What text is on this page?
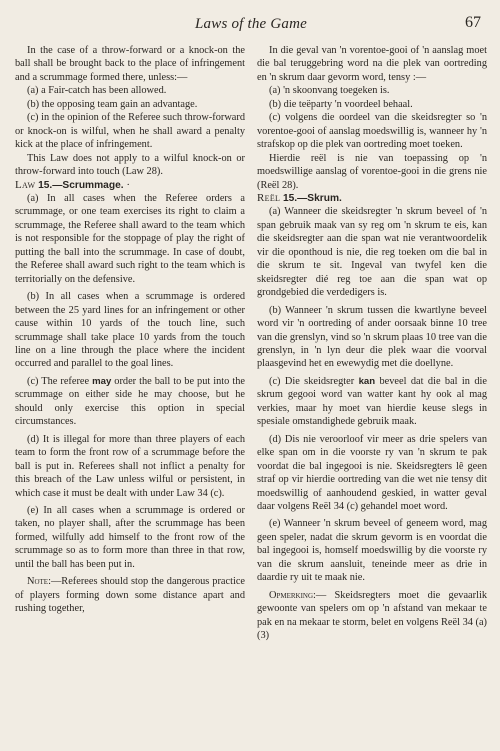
Laws of the Game	67

In the case of a throw-forward or a knock-on the ball shall be brought back to the place of infringement and a scrummage formed there, unless:—

(a) a Fair-catch has been allowed.

(b) the opposing team gain an advantage.

(c) in the opinion of the Referee such throw-forward or knock-on is wilful, when he shall award a penalty kick at the place of infringement.

This Law does not apply to a wilful knock-on or throw-forward into touch (Law 28).

Law 15.—Scrummage. ·

(a) In all cases when the Referee orders a scrummage, or one team exercises its right to claim a scrummage, the Referee shall award to the team which is not responsible for the stoppage of play the right of putting the ball into the scrummage. In case of doubt, the Referee shall award such right to the team which is territorially on the defensive.

(b) In all cases when a scrummage is ordered between the 25 yard lines for an infringement or other cause within 10 yards of the touch line, such scrummage shall take place 10 yards from the touch line on a line through the place where the incident occurred and parallel to the goal lines.

(c) The referee may order the ball to be put into the scrummage on either side he may choose, but he should only exercise this option in special circumstances.

(d) It is illegal for more than three players of each team to form the front row of a scrummage before the ball is put in. Referees shall not inflict a penalty for this breach of the Law unless wilful or persistent, in which case it must be dealt with under Law 34 (c).

(e) In all cases when a scrummage is ordered or taken, no player shall, after the scrummage has been formed, wilfully add himself to the front row of the scrummage so as to form more than three in that row, until the ball has been put in.

Note:—Referees should stop the dangerous practice of players forming down some distance apart and rushing together,

In die geval van 'n vorentoe-gooi of 'n aanslag moet die bal teruggebring word na die plek van oortreding en 'n skrum daar gevorm word, tensy :—

(a) 'n skoonvang toegeken is.

(b) die teëparty 'n voordeel behaal.

(c) volgens die oordeel van die skeidsregter so 'n vorentoe-gooi of aanslag moedswillig is, wanneer hy 'n strafskop op die plek van oortreding moet toeken.

Hierdie reël is nie van toepassing op 'n moedswillige aanslag of vorentoe-gooi in die grens nie (Reël 28).

Reël 15.—Skrum.

(a) Wanneer die skeidsregter 'n skrum beveel of 'n span gebruik maak van sy reg om 'n skrum te eis, kan die skeidsregter aan die span wat nie verantwoordelik vir die oponthoud is nie, die reg toeken om die bal in die skrum te sit. Ingeval van twyfel ken die skeidsregter dié reg toe aan die span wat op grondgebied die verdedigers is.

(b) Wanneer 'n skrum tussen die kwartlyne beveel word vir 'n oortreding of ander oorsaak binne 10 tree van die grenslyn, vind so 'n skrum plaas 10 tree van die grenslyn, in 'n lyn deur die plek waar die voorval plaasgevind het en ewewydig met die doellyne.

(c) Die skeidsregter kan beveel dat die bal in die skrum gegooi word van watter kant hy ook al mag verkies, maar hy moet van hierdie keuse slegs in spesiale omstandighede gebruik maak.

(d) Dis nie veroorloof vir meer as drie spelers van elke span om in die voorste ry van 'n skrum te pak voordat die bal ingegooi is nie. Skeidsregters lê geen straf op vir hierdie oortreding van die wet nie tensy dit moedswillig of aanhoudend geskied, in watter geval daar volgens Reël 34 (c) gehandel moet word.

(e) Wanneer 'n skrum beveel of geneem word, mag geen speler, nadat die skrum gevorm is en voordat die bal ingegooi is, homself moedswillig by die voorste ry van die skrum aansluit, teneinde meer as drie in daardie ry uit te maak nie.

Opmerking:— Skeidsregters moet die gevaarlik gewoonte van spelers om op 'n afstand van mekaar te pak en na mekaar te storm, belet en volgens Reël 34 (a) (3)
